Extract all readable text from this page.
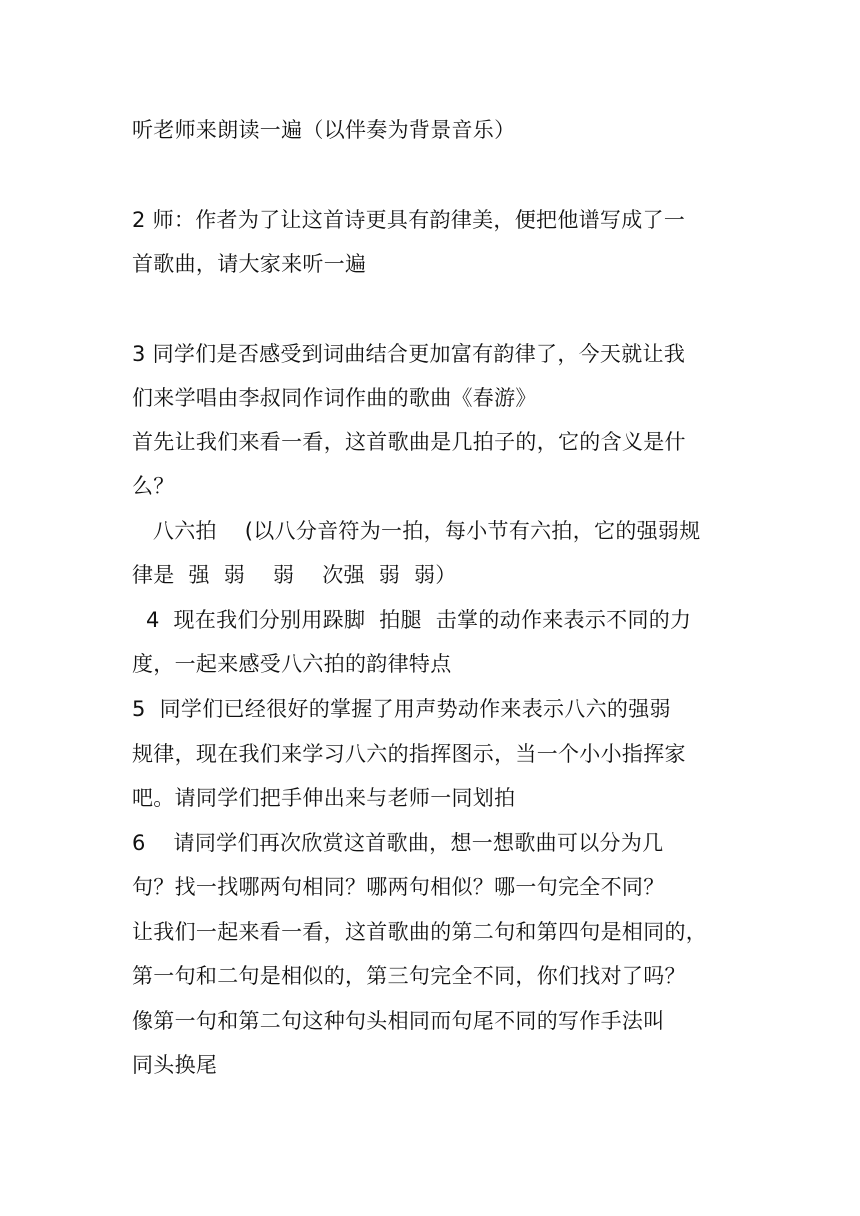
听老师来朗读一遍（以伴奏为背景音乐）
2 师：作者为了让这首诗更具有韵律美，便把他谱写成了一
首歌曲，请大家来听一遍
3 同学们是否感受到词曲结合更加富有韵律了，今天就让我
们来学唱由李叔同作词作曲的歌曲《春游》
首先让我们来看一看，这首歌曲是几拍子的，它的含义是什
么？
八六拍    (以八分音符为一拍，每小节有六拍，它的强弱规
律是  强  弱    弱    次强  弱  弱）
4  现在我们分别用跺脚  拍腿  击掌的动作来表示不同的力
度，一起来感受八六拍的韵律特点
5  同学们已经很好的掌握了用声势动作来表示八六的强弱
规律，现在我们来学习八六的指挥图示，当一个小小指挥家
吧。请同学们把手伸出来与老师一同划拍
6    请同学们再次欣赏这首歌曲，想一想歌曲可以分为几
句？找一找哪两句相同？哪两句相似？哪一句完全不同？
让我们一起来看一看，这首歌曲的第二句和第四句是相同的，
第一句和二句是相似的，第三句完全不同，你们找对了吗？
像第一句和第二句这种句头相同而句尾不同的写作手法叫
同头换尾
